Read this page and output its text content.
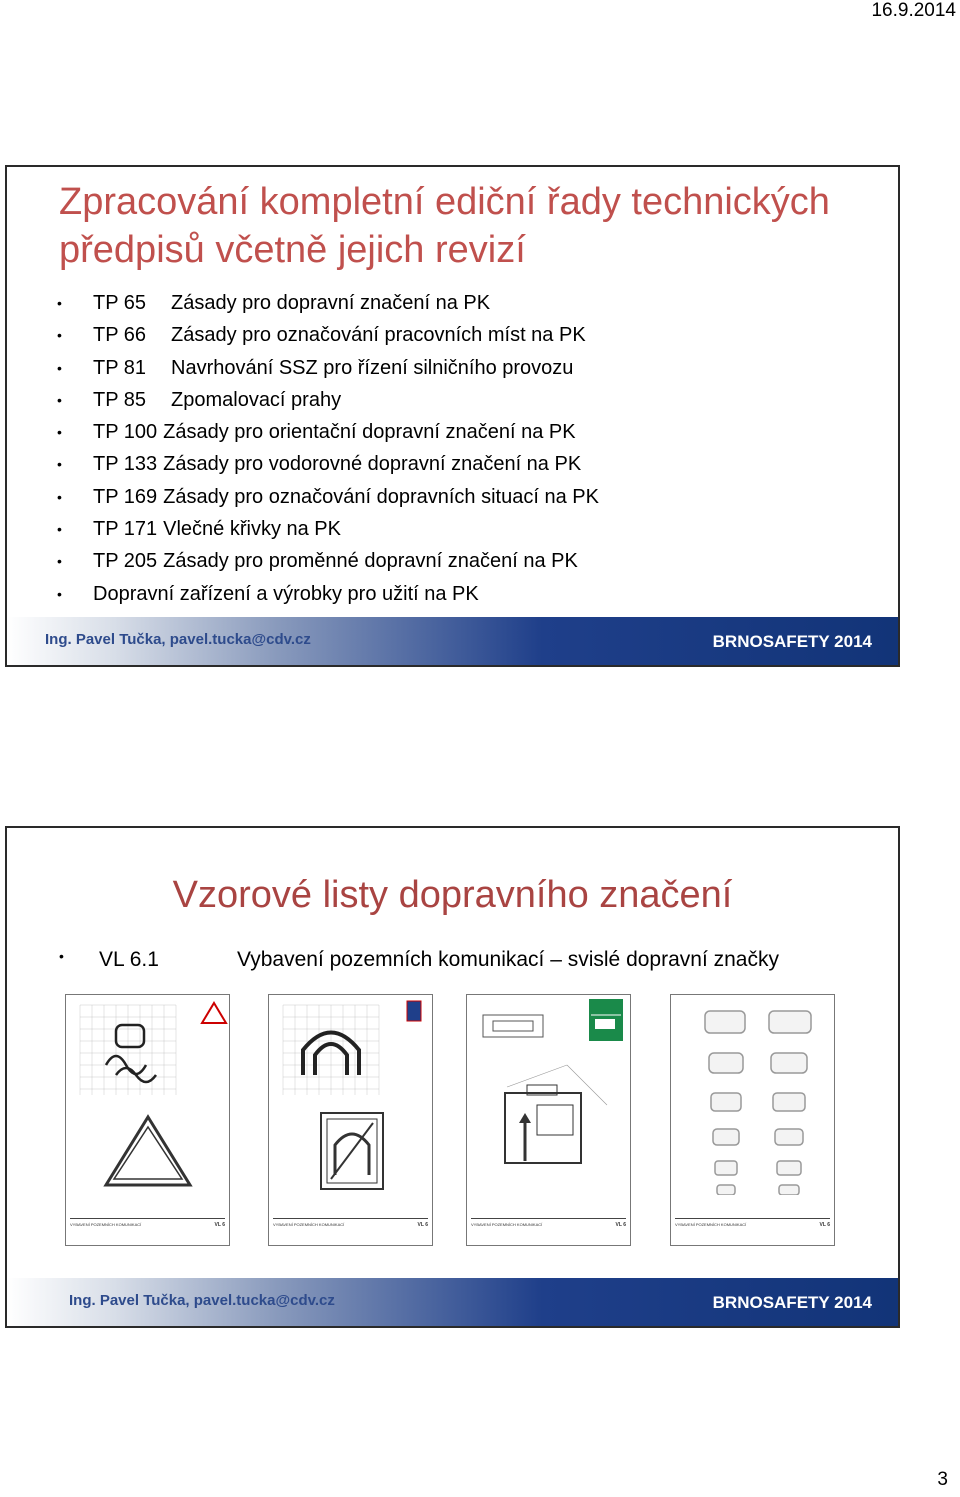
16.9.2014
Zpracování kompletní ediční řady technických předpisů včetně jejich revizí
•	TP 65	Zásady pro dopravní značení na PK
•	TP 66	Zásady pro označování pracovních míst na PK
•	TP 81	Navrhování SSZ pro řízení silničního provozu
•	TP 85	Zpomalovací prahy
•	TP 100 Zásady pro orientační dopravní značení na PK
•	TP 133 Zásady pro vodorovné dopravní značení na PK
•	TP 169 Zásady pro označování dopravních situací na PK
•	TP 171 Vlečné křivky na PK
•	TP 205 Zásady pro proměnné dopravní značení na PK
•	Dopravní zařízení a výrobky pro užití na PK
Ing. Pavel Tučka, pavel.tucka@cdv.cz	BRNOSAFETY 2014
Vzorové listy dopravního značení
•	VL 6.1	Vybavení pozemních komunikací – svislé dopravní značky
VYBAVENÍ POZEMNÍCH KOMUNIKACÍ	VL 6	VYBAVENÍ POZEMNÍCH KOMUNIKACÍ	VL 6	VYBAVENÍ POZEMNÍCH KOMUNIKACÍ	VL 6	VYBAVENÍ POZEMNÍCH KOMUNIKACÍ	VL 6
Ing. Pavel Tučka, pavel.tucka@cdv.cz	BRNOSAFETY 2014
3
